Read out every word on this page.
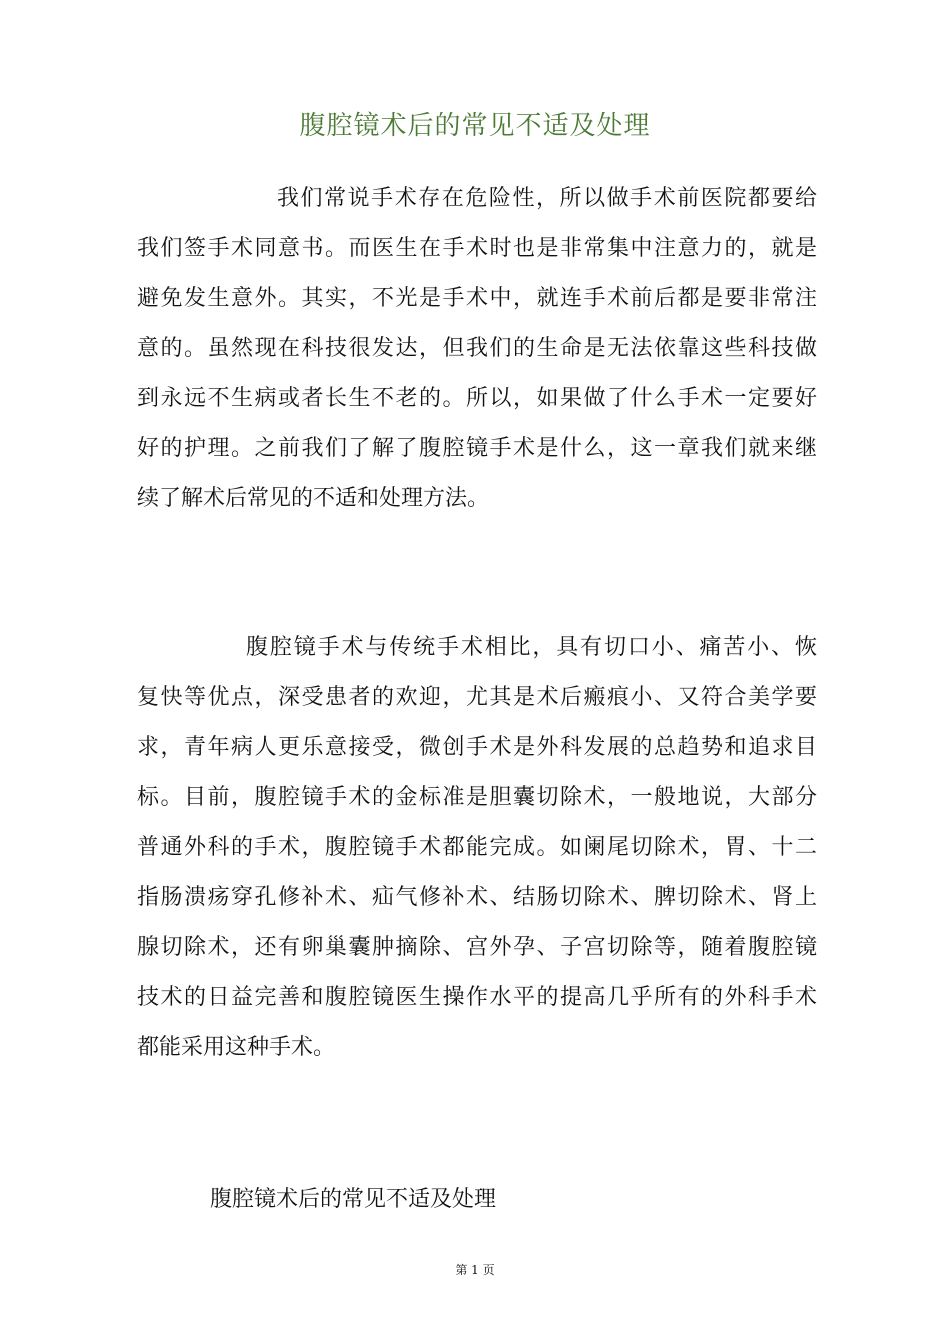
腹腔镜术后的常见不适及处理
我们常说手术存在危险性，所以做手术前医院都要给
我们签手术同意书。而医生在手术时也是非常集中注意力的，就是
避免发生意外。其实，不光是手术中，就连手术前后都是要非常注
意的。虽然现在科技很发达，但我们的生命是无法依靠这些科技做
到永远不生病或者长生不老的。所以，如果做了什么手术一定要好
好的护理。之前我们了解了腹腔镜手术是什么，这一章我们就来继
续了解术后常见的不适和处理方法。
腹腔镜手术与传统手术相比，具有切口小、痛苦小、恢
复快等优点，深受患者的欢迎，尤其是术后瘢痕小、又符合美学要
求，青年病人更乐意接受，微创手术是外科发展的总趋势和追求目
标。目前，腹腔镜手术的金标准是胆囊切除术，一般地说，大部分
普通外科的手术，腹腔镜手术都能完成。如阑尾切除术，胃、十二
指肠溃疡穿孔修补术、疝气修补术、结肠切除术、脾切除术、肾上
腺切除术，还有卵巢囊肿摘除、宫外孕、子宫切除等，随着腹腔镜
技术的日益完善和腹腔镜医生操作水平的提高几乎所有的外科手术
都能采用这种手术。
腹腔镜术后的常见不适及处理
第 1 页
